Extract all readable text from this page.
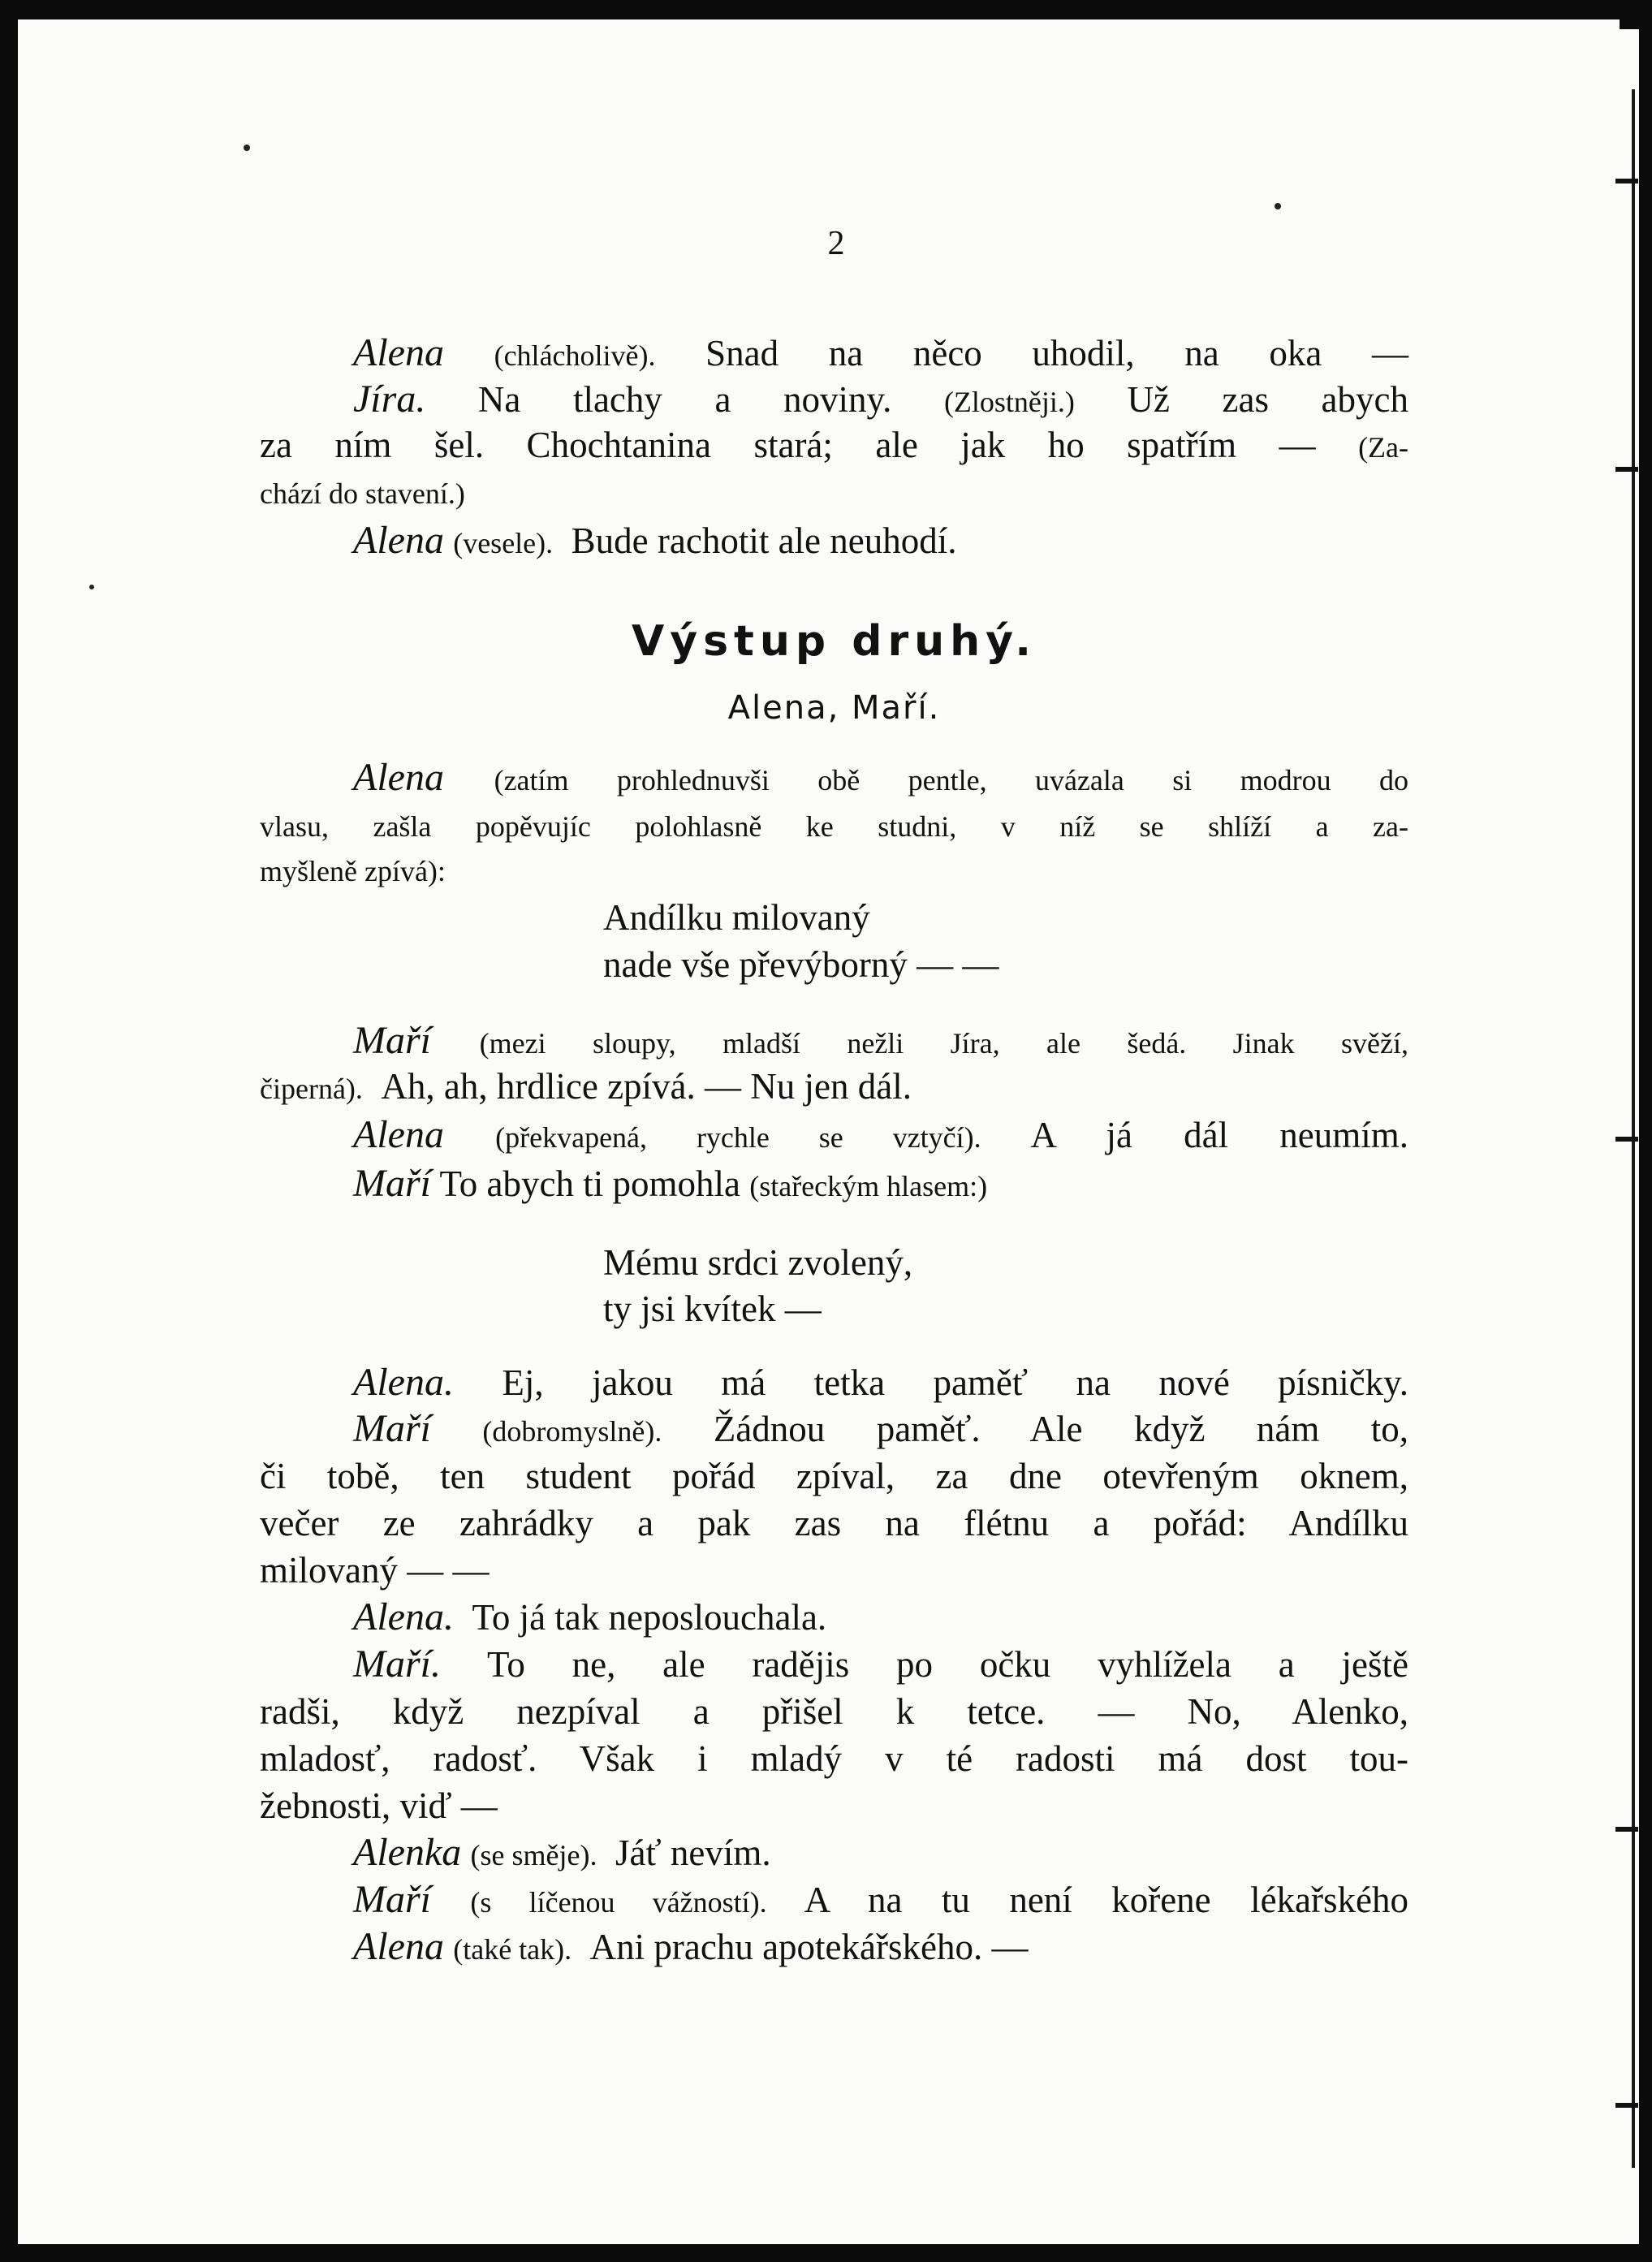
2
Alena (chlácholivě). Snad na něco uhodil, na oka —
Jíra. Na tlachy a noviny. (Zlostněji.) Už zas abych
za ním šel. Chochtanina stará; ale jak ho spatřím — (Za-
chází do stavení.)
Alena (vesele). Bude rachotit ale neuhodí.
Výstup druhý.
Alena, Maří.
Alena (zatím prohlednuvši obě pentle, uvázala si modrou do
vlasu, zašla popěvujíc polohlasně ke studni, v níž se shlíží a za-
myšleně zpívá):
Andílku milovaný
nade vše převýborný — —
Maří (mezi sloupy, mladší nežli Jíra, ale šedá. Jinak svěží,
čiperná). Ah, ah, hrdlice zpívá. — Nu jen dál.
Alena (překvapená, rychle se vztyčí). A já dál neumím.
Maří To abych ti pomohla (stařeckým hlasem:)
Mému srdci zvolený,
ty jsi kvítek —
Alena. Ej, jakou má tetka paměť na nové písničky.
Maří (dobromyslně). Žádnou paměť. Ale když nám to,
či tobě, ten student pořád zpíval, za dne otevřeným oknem,
večer ze zahrádky a pak zas na flétnu a pořád: Andílku
milovaný — —
Alena. To já tak neposlouchala.
Maří. To ne, ale radějis po očku vyhlížela a ještě
radši, když nezpíval a přišel k tetce. — No, Alenko,
mladosť, radosť. Však i mladý v té radosti má dost tou-
žebnosti, viď —
Alenka (se směje). Jáť nevím.
Maří (s líčenou vážností). A na tu není kořene lékařského
Alena (také tak). Ani prachu apotekářského. —
